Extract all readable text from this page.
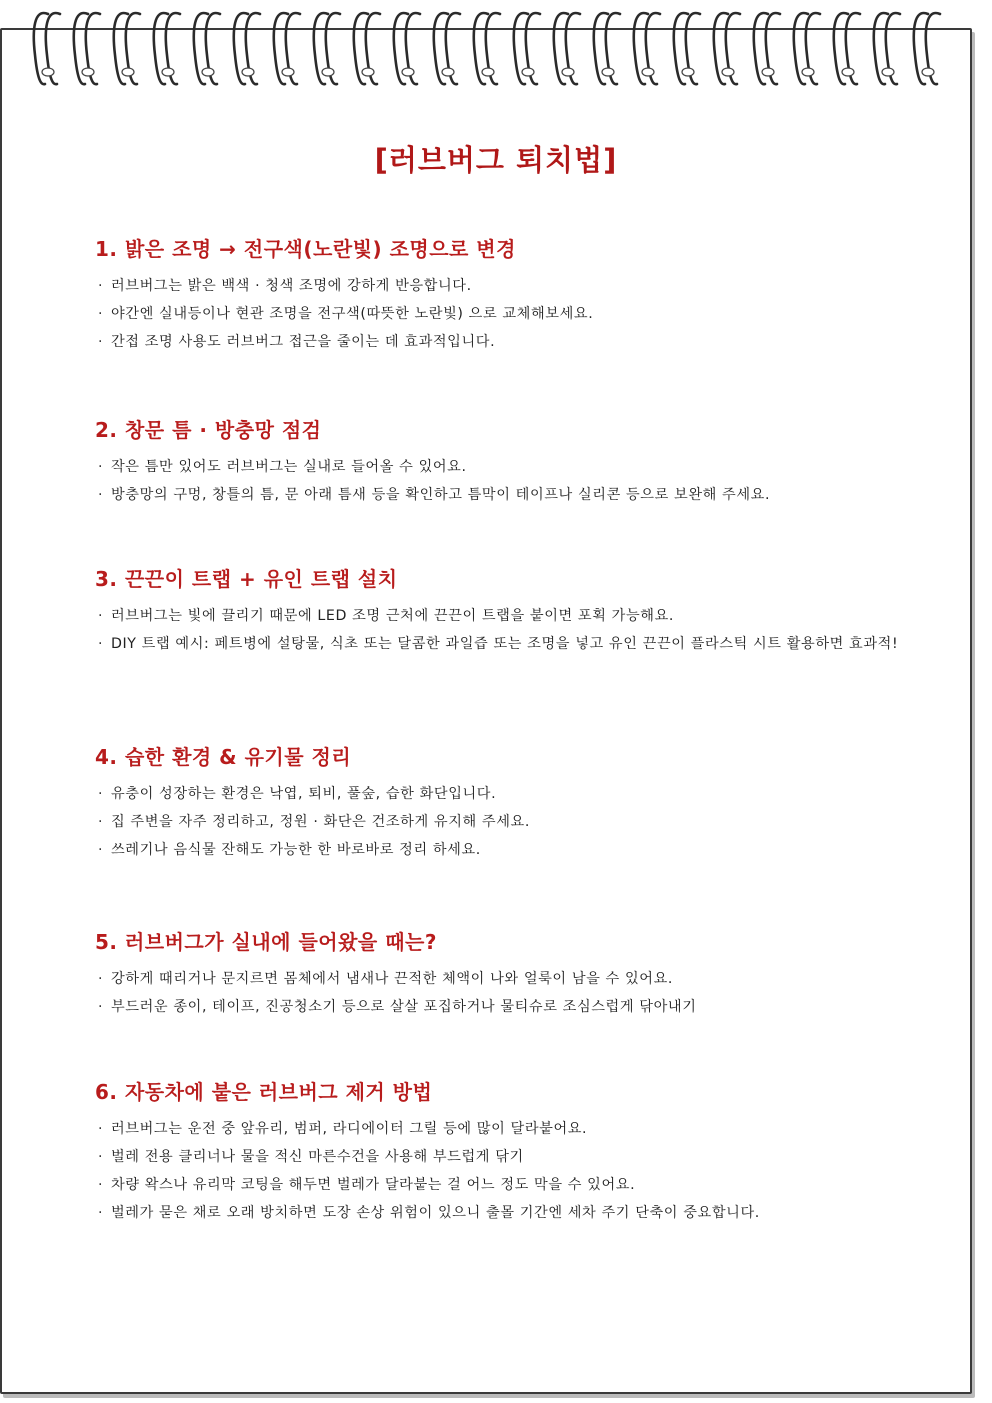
[러브버그 퇴치법]
1. 밝은 조명 → 전구색(노란빛) 조명으로 변경
· 러브버그는 밝은 백색 · 청색 조명에 강하게 반응합니다.
· 야간엔 실내등이나 현관 조명을 전구색(따뜻한 노란빛) 으로 교체해보세요.
· 간접 조명 사용도 러브버그 접근을 줄이는 데 효과적입니다.
2. 창문 틈 · 방충망 점검
· 작은 틈만 있어도 러브버그는 실내로 들어올 수 있어요.
· 방충망의 구멍, 창틀의 틈, 문 아래 틈새 등을 확인하고 틈막이 테이프나 실리콘 등으로 보완해 주세요.
3. 끈끈이 트랩 + 유인 트랩 설치
· 러브버그는 빛에 끌리기 때문에 LED 조명 근처에 끈끈이 트랩을 붙이면 포획 가능해요.
· DIY 트랩 예시: 페트병에 설탕물, 식초 또는 달콤한 과일즙 또는 조명을 넣고 유인 끈끈이 플라스틱 시트 활용하면 효과적!
4. 습한 환경 & 유기물 정리
· 유충이 성장하는 환경은 낙엽, 퇴비, 풀숲, 습한 화단입니다.
· 집 주변을 자주 정리하고, 정원 · 화단은 건조하게 유지해 주세요.
· 쓰레기나 음식물 잔해도 가능한 한 바로바로 정리 하세요.
5. 러브버그가 실내에 들어왔을 때는?
· 강하게 때리거나 문지르면 몸체에서 냄새나 끈적한 체액이 나와 얼룩이 남을 수 있어요.
· 부드러운 종이, 테이프, 진공청소기 등으로 살살 포집하거나 물티슈로 조심스럽게 닦아내기
6. 자동차에 붙은 러브버그 제거 방법
· 러브버그는 운전 중 앞유리, 범퍼, 라디에이터 그릴 등에 많이 달라붙어요.
· 벌레 전용 클리너나 물을 적신 마른수건을 사용해 부드럽게 닦기
· 차량 왁스나 유리막 코팅을 해두면 벌레가 달라붙는 걸 어느 정도 막을 수 있어요.
· 벌레가 묻은 채로 오래 방치하면 도장 손상 위험이 있으니 출몰 기간엔 세차 주기 단축이 중요합니다.
